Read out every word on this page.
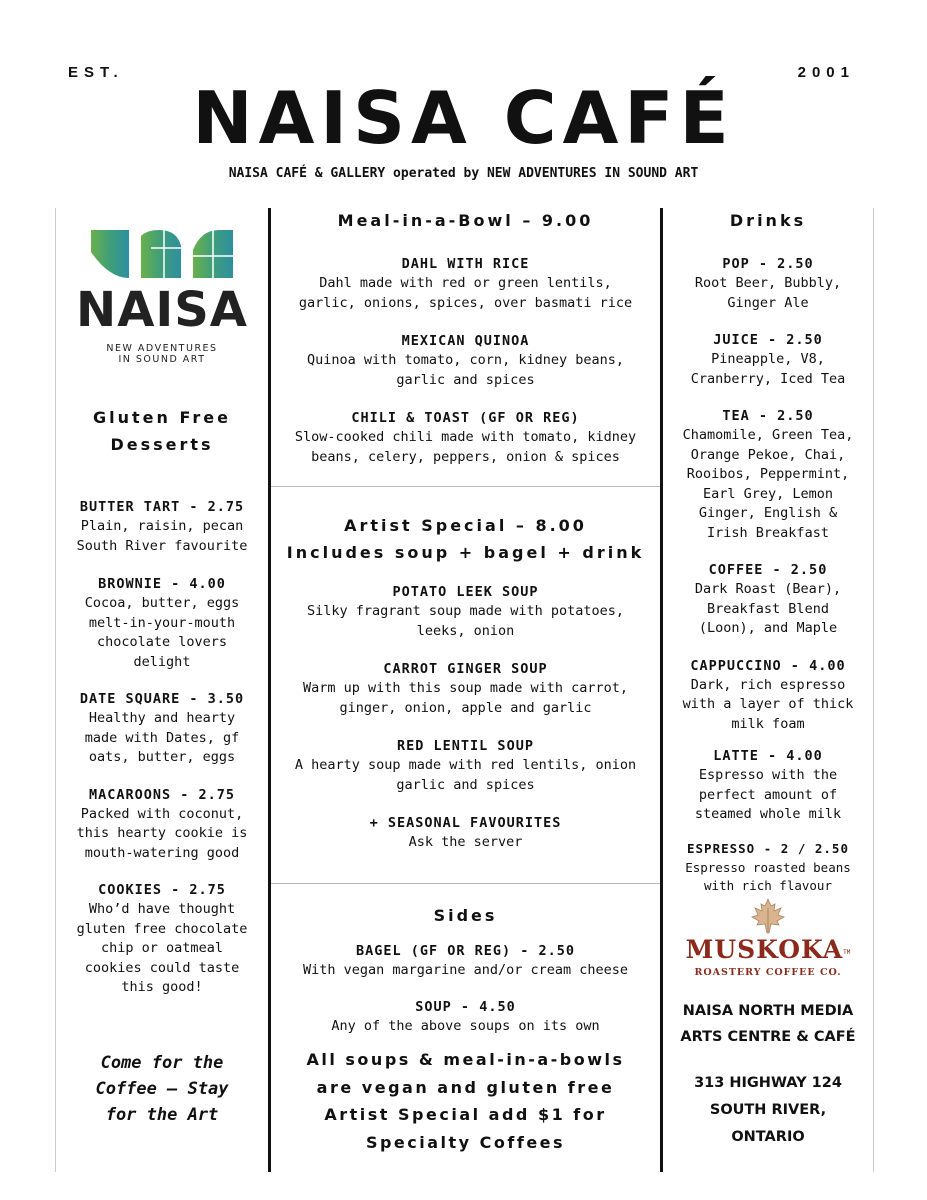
EST.	2001
NAISA CAFÉ
NAISA CAFÉ & GALLERY operated by NEW ADVENTURES IN SOUND ART
NAISA
NEW ADVENTURES
IN SOUND ART
Gluten Free
Desserts
BUTTER TART - 2.75
Plain, raisin, pecan
South River favourite
BROWNIE - 4.00
Cocoa, butter, eggs
melt-in-your-mouth
chocolate lovers
delight
DATE SQUARE - 3.50
Healthy and hearty
made with Dates, gf
oats, butter, eggs
MACAROONS - 2.75
Packed with coconut,
this hearty cookie is
mouth-watering good
COOKIES - 2.75
Who’d have thought
gluten free chocolate
chip or oatmeal
cookies could taste
this good!
Come for the
Coffee – Stay
for the Art
Meal-in-a-Bowl – 9.00
DAHL WITH RICE
Dahl made with red or green lentils,
garlic, onions, spices, over basmati rice
MEXICAN QUINOA
Quinoa with tomato, corn, kidney beans,
garlic and spices
CHILI & TOAST (GF OR REG)
Slow-cooked chili made with tomato, kidney
beans, celery, peppers, onion & spices
Artist Special – 8.00
Includes soup + bagel + drink
POTATO LEEK SOUP
Silky fragrant soup made with potatoes,
leeks, onion
CARROT GINGER SOUP
Warm up with this soup made with carrot,
ginger, onion, apple and garlic
RED LENTIL SOUP
A hearty soup made with red lentils, onion
garlic and spices
+ SEASONAL FAVOURITES
Ask the server
Sides
BAGEL (GF OR REG) - 2.50
With vegan margarine and/or cream cheese
SOUP - 4.50
Any of the above soups on its own
All soups & meal-in-a-bowls
are vegan and gluten free
Artist Special add $1 for
Specialty Coffees
Drinks
POP - 2.50
Root Beer, Bubbly,
Ginger Ale
JUICE - 2.50
Pineapple, V8,
Cranberry, Iced Tea
TEA - 2.50
Chamomile, Green Tea,
Orange Pekoe, Chai,
Rooibos, Peppermint,
Earl Grey, Lemon
Ginger, English &
Irish Breakfast
COFFEE - 2.50
Dark Roast (Bear),
Breakfast Blend
(Loon), and Maple
CAPPUCCINO - 4.00
Dark, rich espresso
with a layer of thick
milk foam
LATTE - 4.00
Espresso with the
perfect amount of
steamed whole milk
ESPRESSO - 2 / 2.50
Espresso roasted beans
with rich flavour
MUSKOKATM
ROASTERY COFFEE CO.
NAISA NORTH MEDIA
ARTS CENTRE & CAFÉ
313 HIGHWAY 124
SOUTH RIVER,
ONTARIO
